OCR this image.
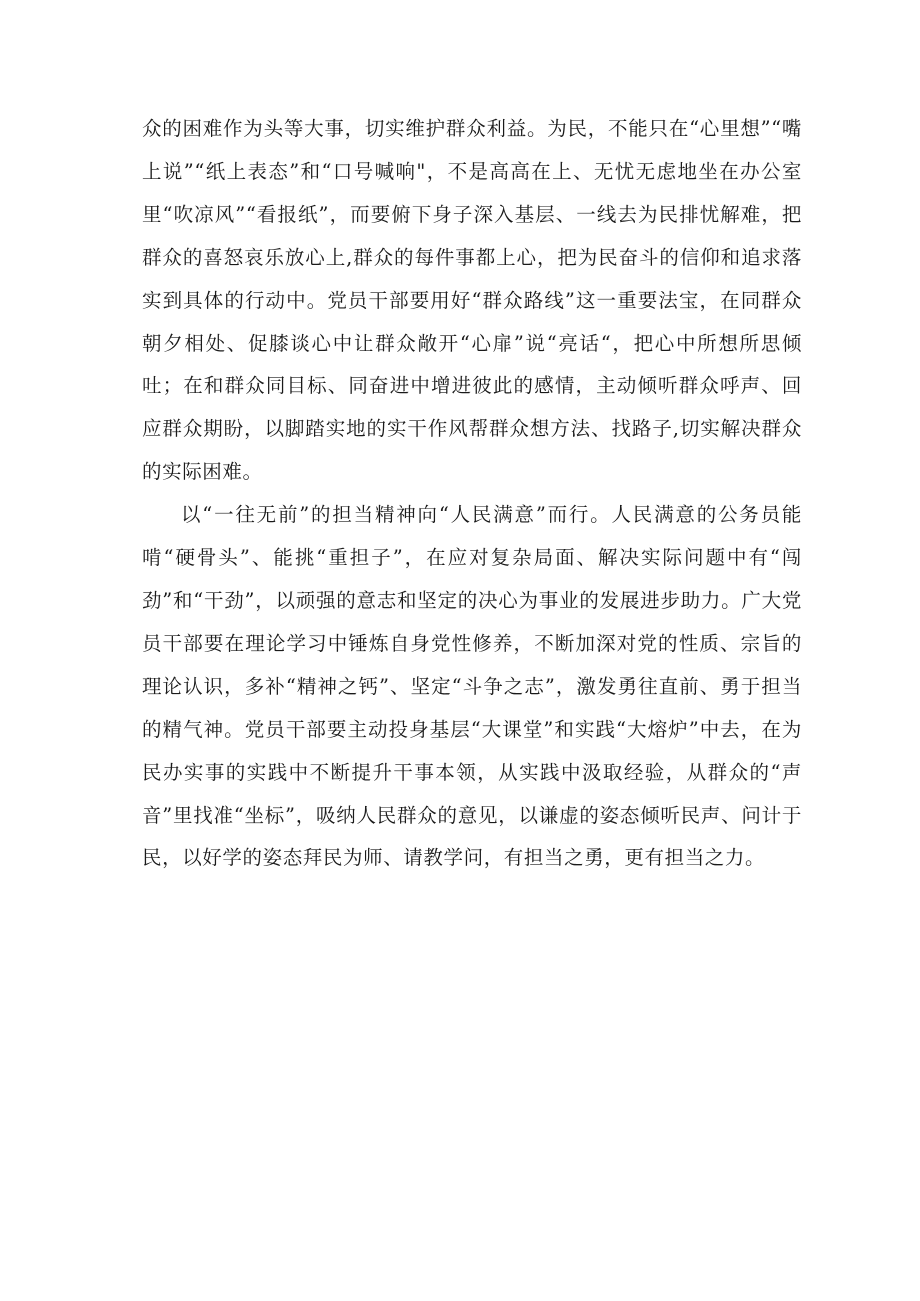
众的困难作为头等大事，切实维护群众利益。为民，不能只在“心里想”“嘴上说”“纸上表态”和“口号喊响"，不是高高在上、无忧无虑地坐在办公室里“吹凉风”“看报纸”，而要俯下身子深入基层、一线去为民排忧解难，把群众的喜怒哀乐放心上,群众的每件事都上心，把为民奋斗的信仰和追求落实到具体的行动中。党员干部要用好“群众路线”这一重要法宝，在同群众朝夕相处、促膝谈心中让群众敞开“心扉”说“亮话“，把心中所想所思倾吐；在和群众同目标、同奋进中增进彼此的感情，主动倾听群众呼声、回应群众期盼，以脚踏实地的实干作风帮群众想方法、找路子,切实解决群众的实际困难。

以“一往无前”的担当精神向“人民满意”而行。人民满意的公务员能啃“硬骨头”、能挑“重担子”，在应对复杂局面、解决实际问题中有“闯劲”和“干劲”，以顽强的意志和坚定的决心为事业的发展进步助力。广大党员干部要在理论学习中锤炼自身党性修养，不断加深对党的性质、宗旨的理论认识，多补“精神之钙”、坚定“斗争之志”，激发勇往直前、勇于担当的精气神。党员干部要主动投身基层“大课堂”和实践“大熔炉”中去，在为民办实事的实践中不断提升干事本领，从实践中汲取经验，从群众的“声音”里找准“坐标”，吸纳人民群众的意见，以谦虚的姿态倾听民声、问计于民，以好学的姿态拜民为师、请教学问，有担当之勇，更有担当之力。
